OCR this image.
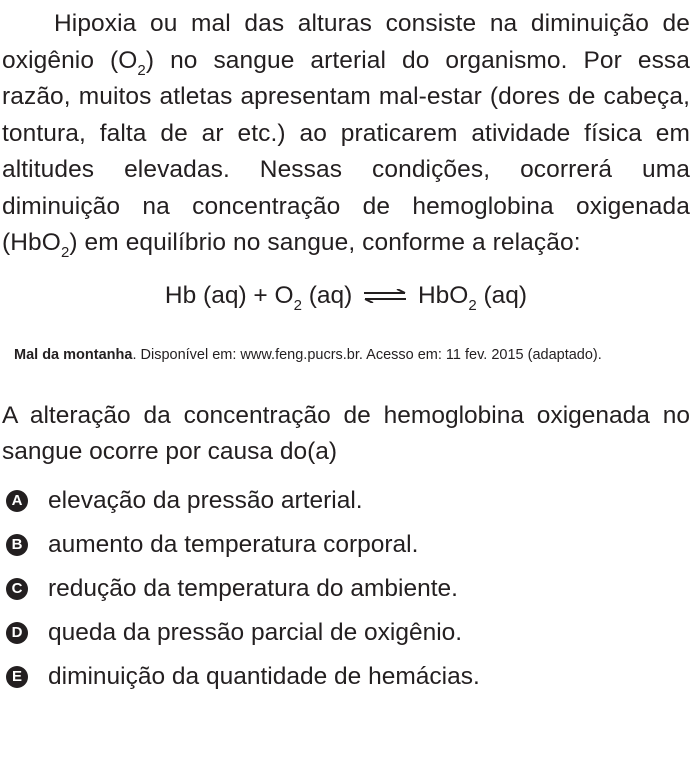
Hipoxia ou mal das alturas consiste na diminuição de oxigênio $(O_2)$ no sangue arterial do organismo. Por essa razão, muitos atletas apresentam mal-estar (dores de cabeça, tontura, falta de ar etc.) ao praticarem atividade física em altitudes elevadas. Nessas condições, ocorrerá uma diminuição na concentração de hemoglobina oxigenada (HbO$_2$) em equilíbrio no sangue, conforme a relação:

Hb $(aq) + O_2$ (aq) ⇌ HbO$_2$ (aq)
Mal da montanha. Disponível em: www.feng.pucrs.br. Acesso em: 11 fev. 2015 (adaptado).

A alteração da concentração de hemoglobina oxigenada no sangue ocorre por causa do(a)

A elevação da pressão arterial.
B aumento da temperatura corporal.
C redução da temperatura do ambiente.
D queda da pressão parcial de oxigênio.
E diminuição da quantidade de hemácias.
